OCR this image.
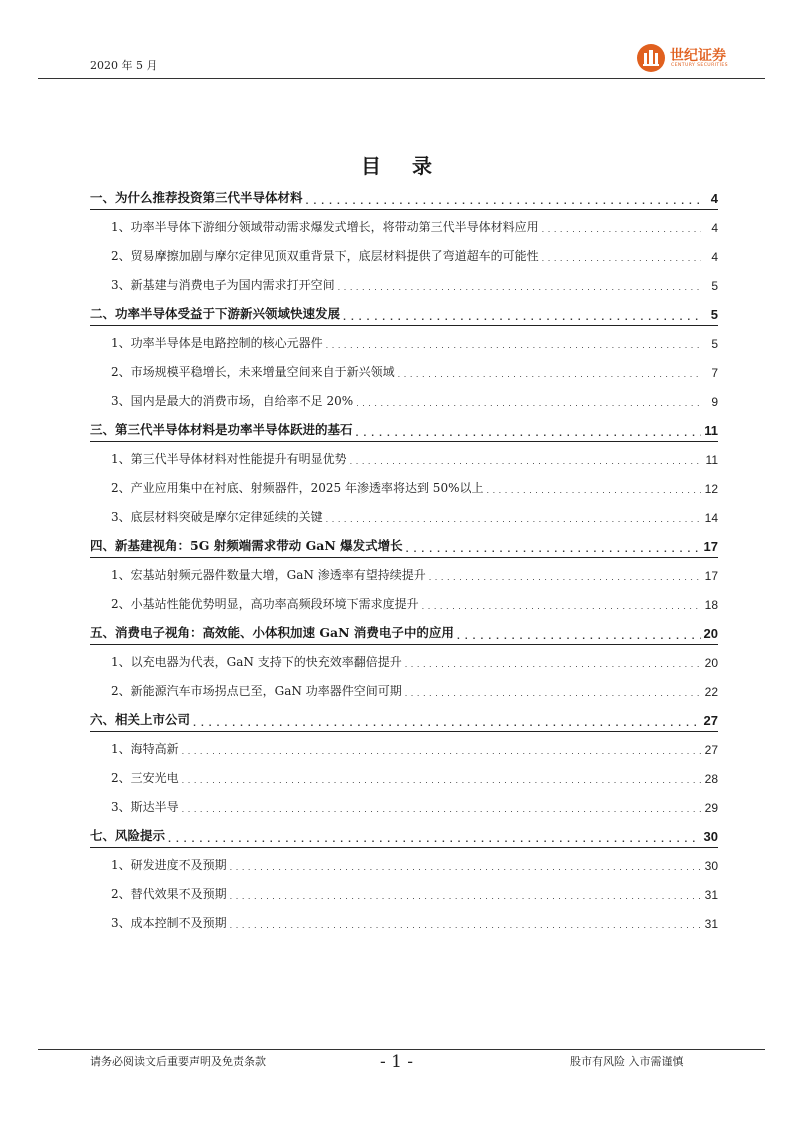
2020 年 5 月
世纪证券
CENTURY SECURITIES
目 录
一、为什么推荐投资第三代半导体材料 . . .	4
1、功率半导体下游细分领域带动需求爆发式增长，将带动第三代半导体材料应用 . . .	4
2、贸易摩擦加剧与摩尔定律见顶双重背景下，底层材料提供了弯道超车的可能性 . . .	4
3、新基建与消费电子为国内需求打开空间 . . .	5
二、功率半导体受益于下游新兴领域快速发展 . . .	5
1、功率半导体是电路控制的核心元器件 . . .	5
2、市场规模平稳增长，未来增量空间来自于新兴领域 . . .	7
3、国内是最大的消费市场，自给率不足 20% . . .	9
三、第三代半导体材料是功率半导体跃进的基石 . . .	11
1、第三代半导体材料对性能提升有明显优势 . . .	11
2、产业应用集中在衬底、射频器件，2025 年渗透率将达到 50%以上 . . .	12
3、底层材料突破是摩尔定律延续的关键 . . .	14
四、新基建视角：5G 射频端需求带动 GaN 爆发式增长 . . .	17
1、宏基站射频元器件数量大增，GaN 渗透率有望持续提升 . . .	17
2、小基站性能优势明显，高功率高频段环境下需求度提升 . . .	18
五、消费电子视角：高效能、小体积加速 GaN 消费电子中的应用 . . .	20
1、以充电器为代表，GaN 支持下的快充效率翻倍提升 . . .	20
2、新能源汽车市场拐点已至，GaN 功率器件空间可期 . . .	22
六、相关上市公司 . . .	27
1、海特高新 . . .	27
2、三安光电 . . .	28
3、斯达半导 . . .	29
七、风险提示 . . .	30
1、研发进度不及预期 . . .	30
2、替代效果不及预期 . . .	31
3、成本控制不及预期 . . .	31
请务必阅读文后重要声明及免责条款	- 1 -	股市有风险 入市需谨慎
